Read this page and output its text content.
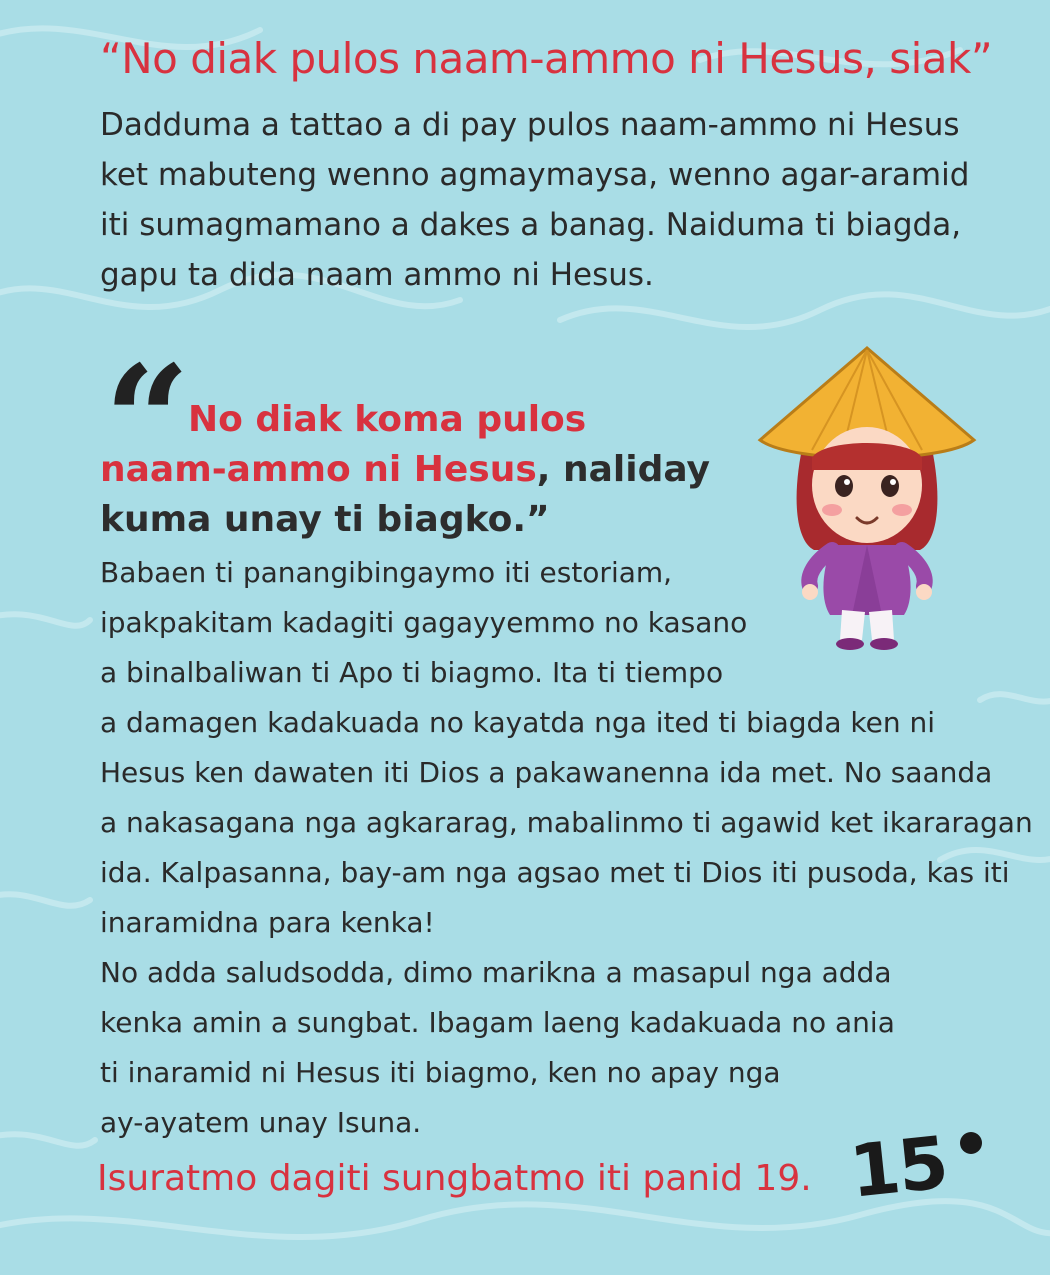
“No diak pulos naam-ammo ni Hesus, siak”

Dadduma a tattao a di pay pulos naam-ammo ni Hesus
ket mabuteng wenno agmaymaysa, wenno agar-aramid
iti sumagmamano a dakes a banag. Naiduma ti biagda,
gapu ta dida naam ammo ni Hesus.

“

No diak koma pulos naam-ammo ni Hesus, naliday kuma unay ti biagko.”

Babaen ti panangibingaymo iti estoriam,
ipakpakitam kadagiti gagayyemmo no kasano
a binalbaliwan ti Apo ti biagmo. Ita ti tiempo
a damagen kadakuada no kayatda nga ited ti biagda ken ni
Hesus ken dawaten iti Dios a pakawanenna ida met. No saanda
a nakasagana nga agkararag, mabalinmo ti agawid ket ikararagan
ida. Kalpasanna, bay-am nga agsao met ti Dios iti pusoda, kas iti
inaramidna para kenka!
No adda saludsodda, dimo marikna a masapul nga adda
kenka amin a sungbat. Ibagam laeng kadakuada no ania
ti inaramid ni Hesus iti biagmo, ken no apay nga
ay-ayatem unay Isuna.

Isuratmo dagiti sungbatmo iti panid 19. 15
